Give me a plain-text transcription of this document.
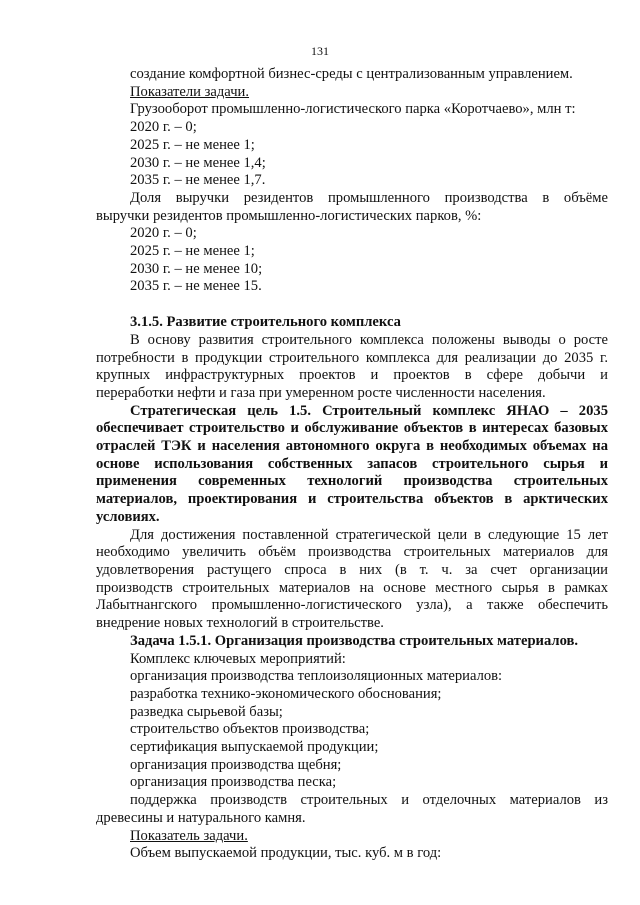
131
создание комфортной бизнес-среды с централизованным управлением.
Показатели задачи.
Грузооборот промышленно-логистического парка «Коротчаево», млн т:
2020 г. – 0;
2025 г. – не менее 1;
2030 г. – не менее 1,4;
2035 г. – не менее 1,7.
Доля выручки резидентов промышленного производства в объёме
выручки резидентов промышленно-логистических парков, %:
2020 г. – 0;
2025 г. – не менее 1;
2030 г. – не менее 10;
2035 г. – не менее 15.
3.1.5. Развитие строительного комплекса
В основу развития строительного комплекса положены выводы о росте
потребности в продукции строительного комплекса для реализации до 2035 г.
крупных инфраструктурных проектов и проектов в сфере добычи и
переработки нефти и газа при умеренном росте численности населения.
Стратегическая цель 1.5. Строительный комплекс ЯНАО – 2035
обеспечивает строительство и обслуживание объектов в интересах базовых
отраслей ТЭК и населения автономного округа в необходимых объемах на
основе использования собственных запасов строительного сырья и
применения современных технологий производства строительных
материалов, проектирования и строительства объектов в арктических
условиях.
Для достижения поставленной стратегической цели в следующие 15 лет
необходимо увеличить объём производства строительных материалов для
удовлетворения растущего спроса в них (в т. ч. за счет организации
производств строительных материалов на основе местного сырья в рамках
Лабытнангского промышленно-логистического узла), а также обеспечить
внедрение новых технологий в строительстве.
Задача 1.5.1. Организация производства строительных материалов.
Комплекс ключевых мероприятий:
организация производства теплоизоляционных материалов:
разработка технико-экономического обоснования;
разведка сырьевой базы;
строительство объектов производства;
сертификация выпускаемой продукции;
организация производства щебня;
организация производства песка;
поддержка производств строительных и отделочных материалов из
древесины и натурального камня.
Показатель задачи.
Объем выпускаемой продукции, тыс. куб. м в год:
